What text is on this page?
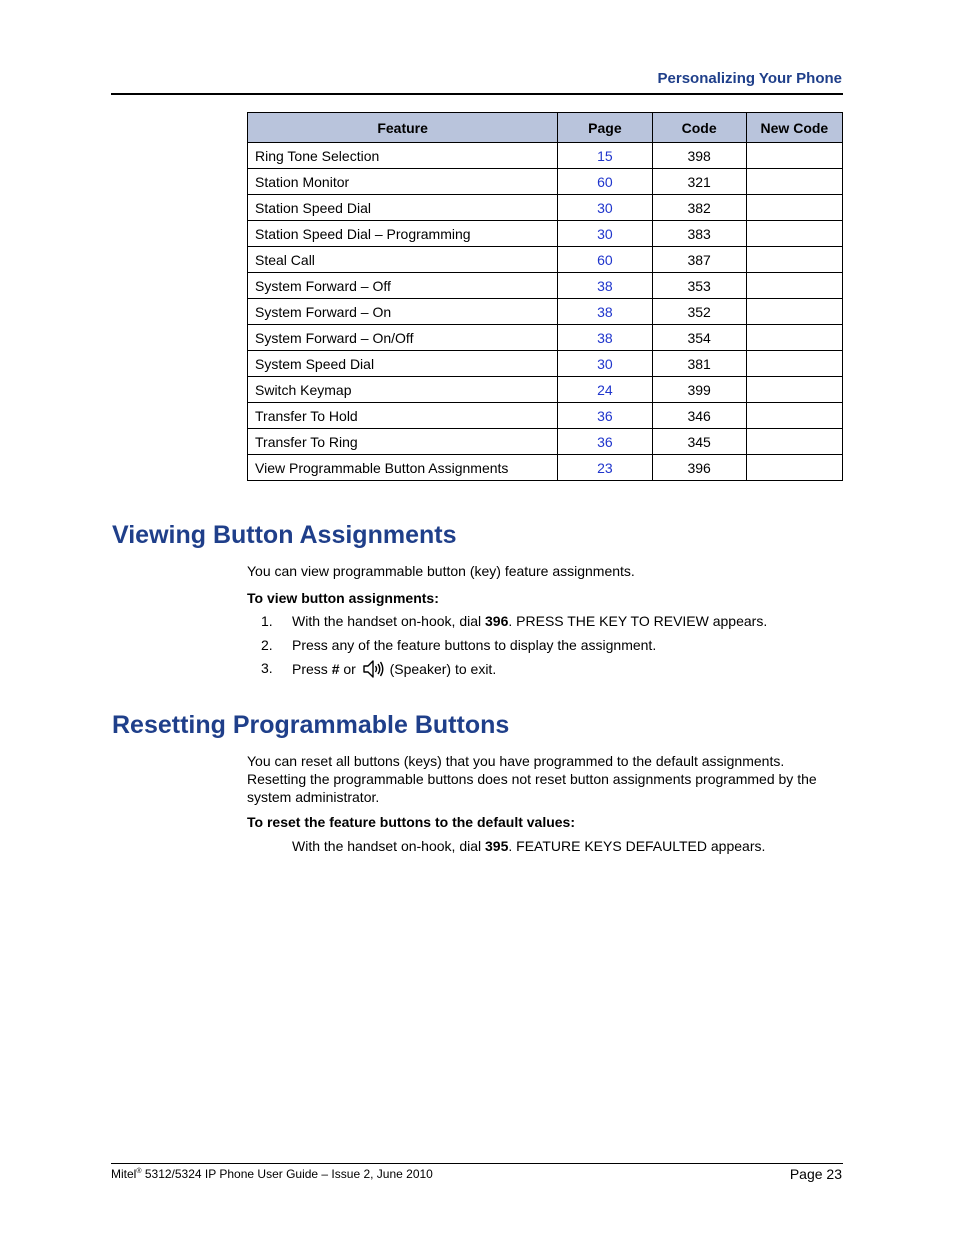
Personalizing Your Phone
Feature	Page	Code	New Code
Ring Tone Selection	15	398	
Station Monitor	60	321	
Station Speed Dial	30	382	
Station Speed Dial – Programming	30	383	
Steal Call	60	387	
System Forward – Off	38	353	
System Forward – On	38	352	
System Forward – On/Off	38	354	
System Speed Dial	30	381	
Switch Keymap	24	399	
Transfer To Hold	36	346	
Transfer To Ring	36	345	
View Programmable Button Assignments	23	396	
Viewing Button Assignments

You can view programmable button (key) feature assignments.

To view button assignments:

1. With the handset on-hook, dial 396. PRESS THE KEY TO REVIEW appears.
2. Press any of the feature buttons to display the assignment.
3. Press # or  (Speaker) to exit.
Resetting Programmable Buttons

You can reset all buttons (keys) that you have programmed to the default assignments. Resetting the programmable buttons does not reset button assignments programmed by the system administrator.

To reset the feature buttons to the default values:

With the handset on-hook, dial 395. FEATURE KEYS DEFAULTED appears.
Mitel® 5312/5324 IP Phone User Guide – Issue 2, June 2010	Page 23
